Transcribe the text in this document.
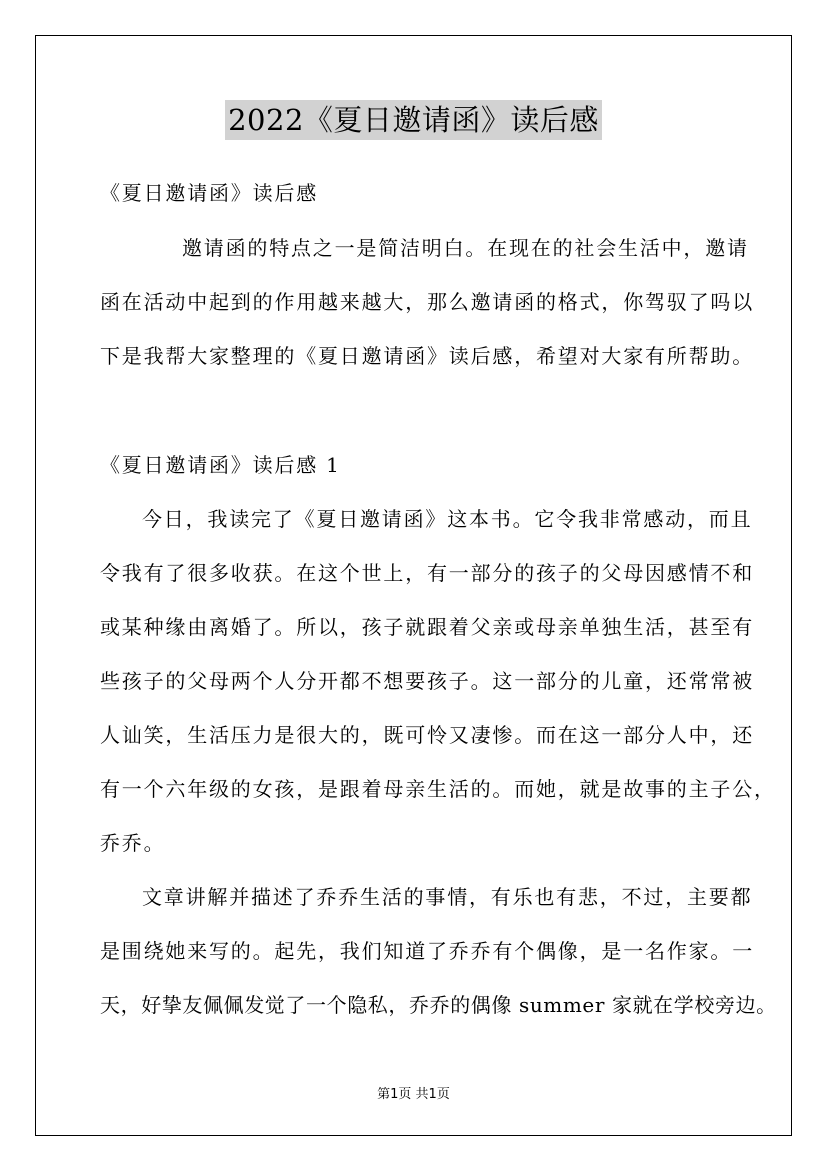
2022《夏日邀请函》读后感
《夏日邀请函》读后感
邀请函的特点之一是简洁明白。在现在的社会生活中，邀请
函在活动中起到的作用越来越大，那么邀请函的格式，你驾驭了吗以
下是我帮大家整理的《夏日邀请函》读后感，希望对大家有所帮助。
《夏日邀请函》读后感 1
今日，我读完了《夏日邀请函》这本书。它令我非常感动，而且
令我有了很多收获。在这个世上，有一部分的孩子的父母因感情不和
或某种缘由离婚了。所以，孩子就跟着父亲或母亲单独生活，甚至有
些孩子的父母两个人分开都不想要孩子。这一部分的儿童，还常常被
人讪笑，生活压力是很大的，既可怜又凄惨。而在这一部分人中，还
有一个六年级的女孩，是跟着母亲生活的。而她，就是故事的主子公，
乔乔。
文章讲解并描述了乔乔生活的事情，有乐也有悲，不过，主要都
是围绕她来写的。起先，我们知道了乔乔有个偶像，是一名作家。一
天，好挚友佩佩发觉了一个隐私，乔乔的偶像 summer 家就在学校旁边。
第1页 共1页
